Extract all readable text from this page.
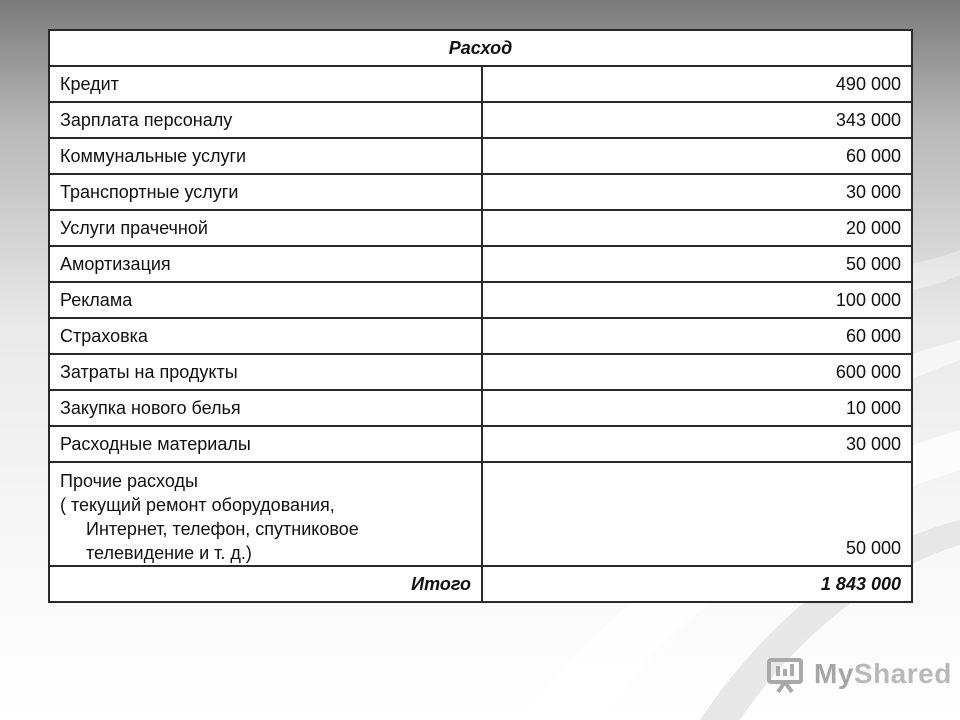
Расход	
Кредит	490 000
Зарплата персоналу	343 000
Коммунальные услуги	60 000
Транспортные услуги	30 000
Услуги прачечной	20 000
Амортизация	50 000
Реклама	100 000
Страховка	60 000
Затраты на продукты	600 000
Закупка нового белья	10 000
Расходные материалы	30 000

Прочие расходы
( текущий ремонт оборудования,
Интернет, телефон, спутниковое
телевидение и т. д.)	50 000
Итого	1 843 000
MyShared
